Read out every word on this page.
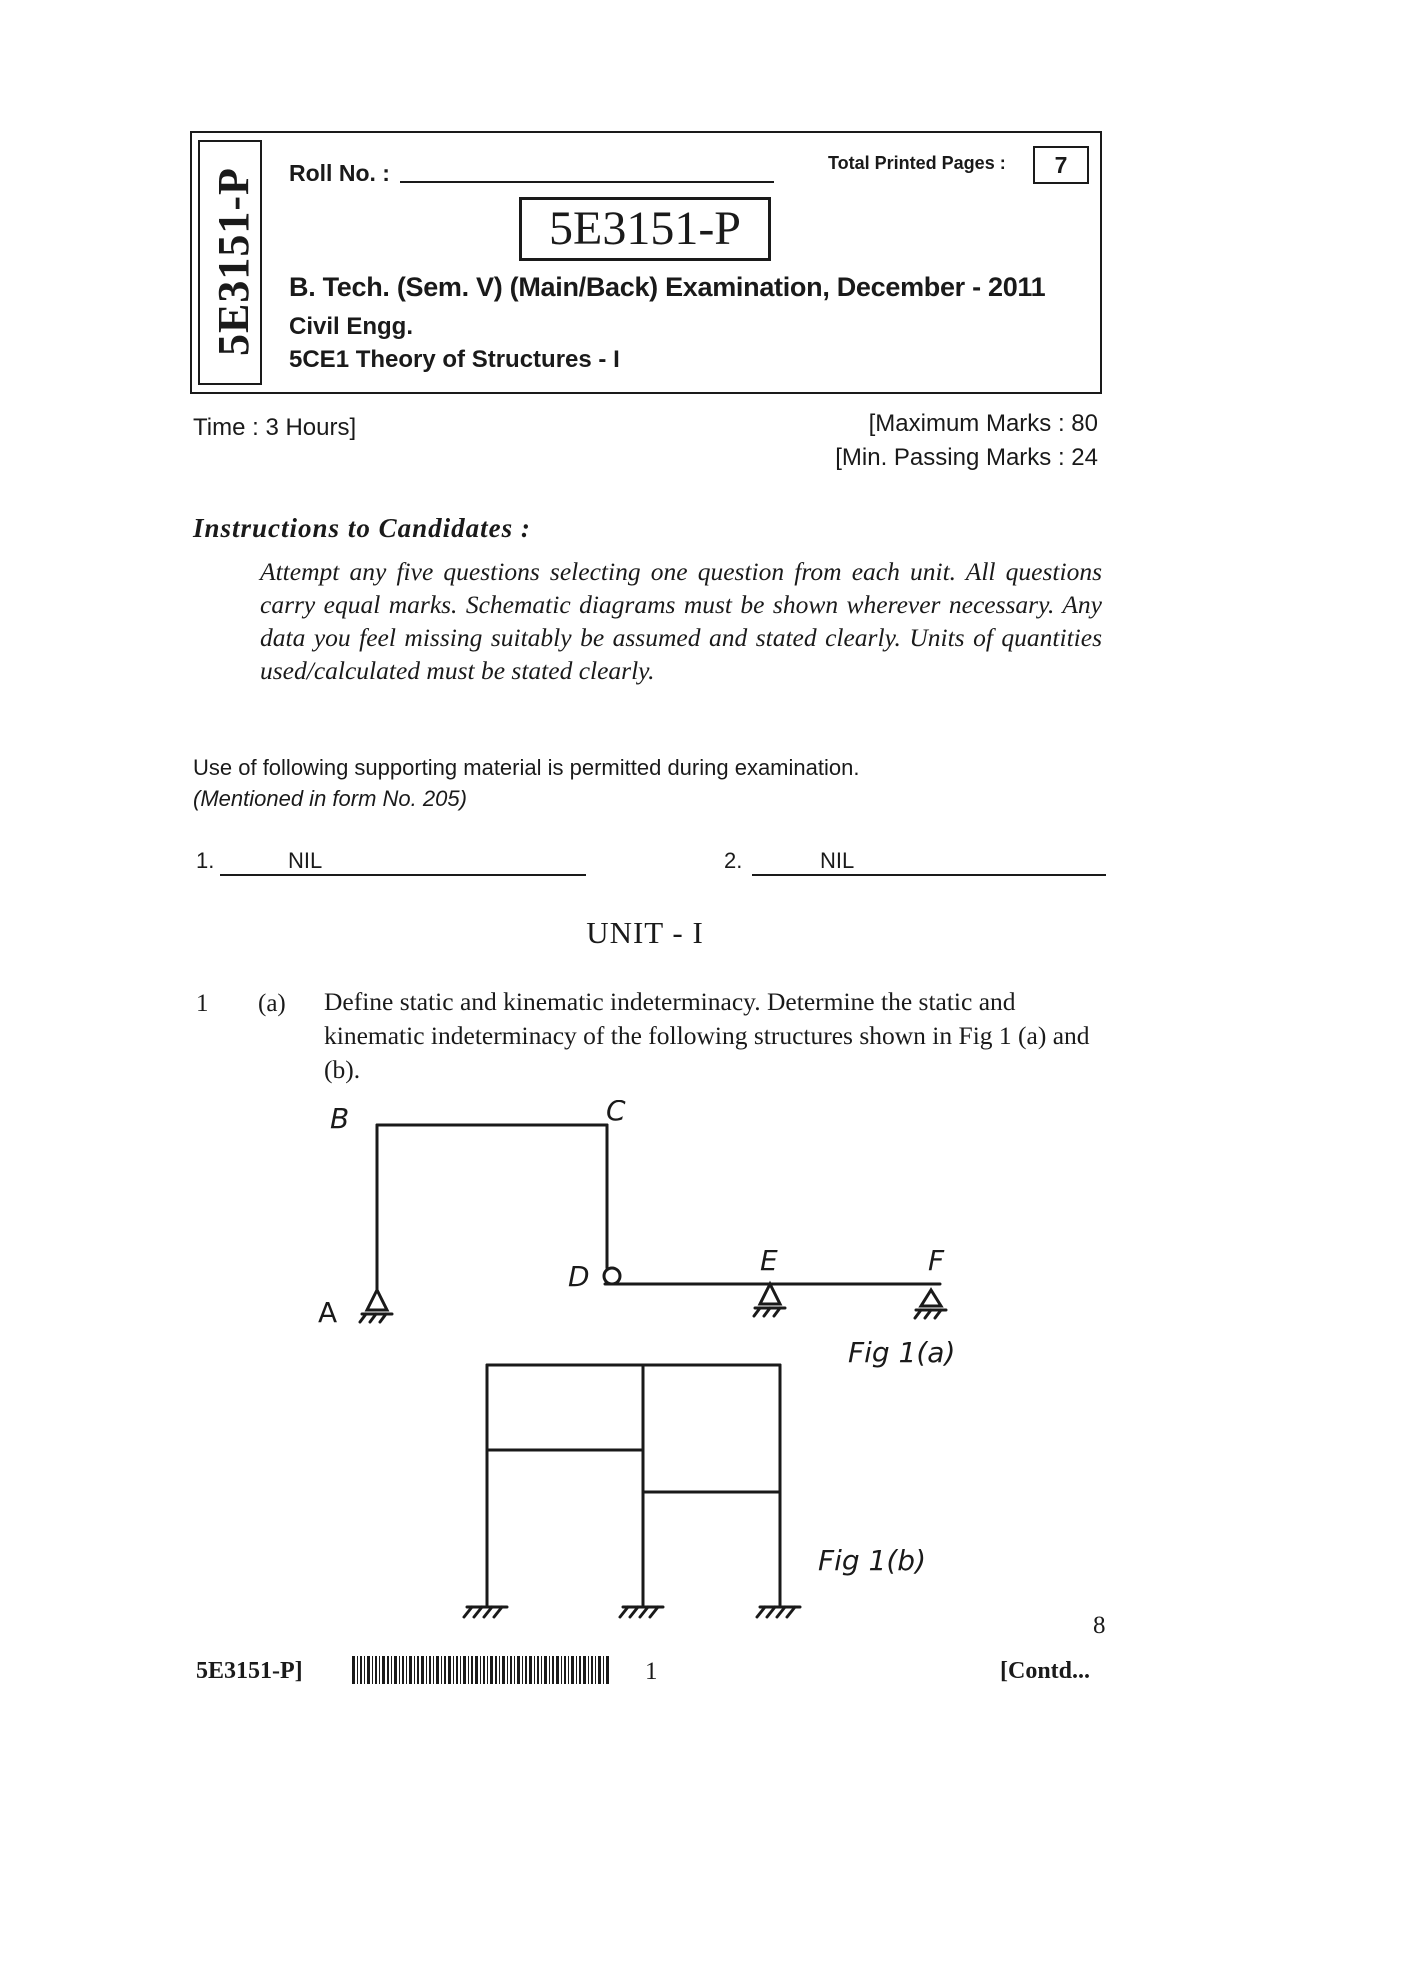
5E3151-P Roll No. :	Total Printed Pages :	7
5E3151-P
B. Tech. (Sem. V) (Main/Back) Examination, December - 2011
Civil Engg.
5CE1 Theory of Structures - I
Time : 3 Hours]	[Maximum Marks : 80
[Min. Passing Marks : 24
Instructions to Candidates :
Attempt any five questions selecting one question from each unit. All questions carry equal marks. Schematic diagrams must be shown wherever necessary. Any data you feel missing suitably be assumed and stated clearly. Units of quantities used/calculated must be stated clearly.
Use of following supporting material is permitted during examination.
(Mentioned in form No. 205)
1.	NIL	2.	NIL
UNIT - I
1 (a) Define static and kinematic indeterminacy. Determine the static and kinematic indeterminacy of the following structures shown in Fig 1 (a) and (b).
B	C
D	E	F
A
Fig 1(a)
Fig 1(b)
8
5E3151-P]	1	[Contd...
